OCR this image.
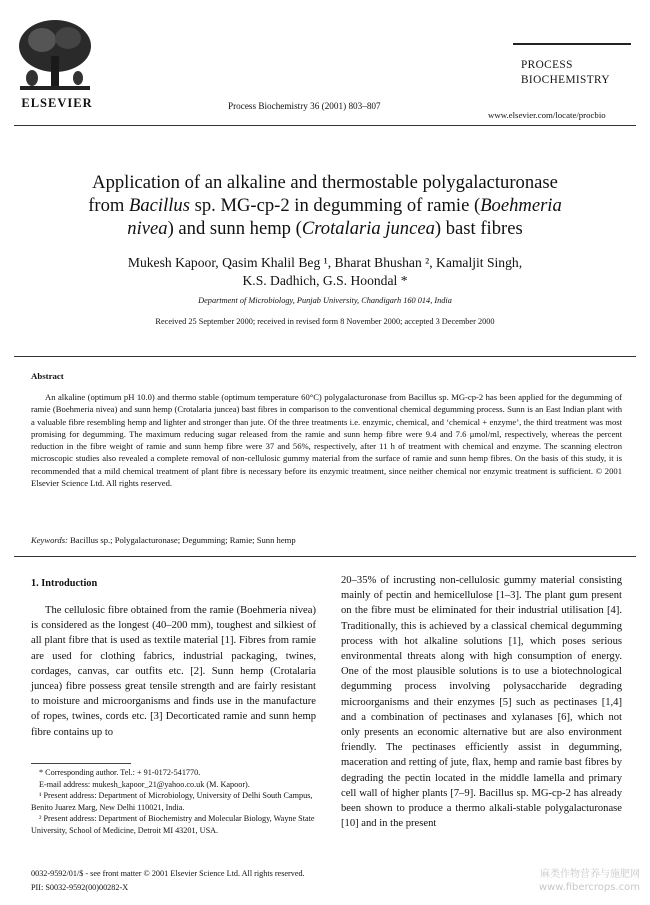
ELSEVIER	Process Biochemistry 36 (2001) 803–807
PROCESS
BIOCHEMISTRY
www.elsevier.com/locate/procbio
Application of an alkaline and thermostable polygalacturonase
from Bacillus sp. MG-cp-2 in degumming of ramie (Boehmeria
nivea) and sunn hemp (Crotalaria juncea) bast fibres
Mukesh Kapoor, Qasim Khalil Beg ¹, Bharat Bhushan ², Kamaljit Singh,
K.S. Dadhich, G.S. Hoondal *
Department of Microbiology, Punjab University, Chandigarh 160 014, India
Received 25 September 2000; received in revised form 8 November 2000; accepted 3 December 2000
Abstract
An alkaline (optimum pH 10.0) and thermo stable (optimum temperature 60°C) polygalacturonase from Bacillus sp. MG-cp-2 has been applied for the degumming of ramie (Boehmeria nivea) and sunn hemp (Crotalaria juncea) bast fibres in comparison to the conventional chemical degumming process. Sunn is an East Indian plant with a valuable fibre resembling hemp and lighter and stronger than jute. Of the three treatments i.e. enzymic, chemical, and ‘chemical + enzyme’, the third treatment was most promising for degumming. The maximum reducing sugar released from the ramie and sunn hemp fibre were 9.4 and 7.6 μmol/ml, respectively, whereas the percent reduction in the fibre weight of ramie and sunn hemp fibre were 37 and 56%, respectively, after 11 h of treatment with chemical and enzyme. The scanning electron microscopic studies also revealed a complete removal of non-cellulosic gummy material from the surface of ramie and sunn hemp fibres. On the basis of this study, it is recommended that a mild chemical treatment of plant fibre is necessary before its enzymic treatment, since neither chemical nor enzymic treatment is sufficient. © 2001 Elsevier Science Ltd. All rights reserved.
Keywords: Bacillus sp.; Polygalacturonase; Degumming; Ramie; Sunn hemp
1. Introduction
The cellulosic fibre obtained from the ramie (Boehmeria nivea) is considered as the longest (40–200 mm), toughest and silkiest of all plant fibre that is used as textile material [1]. Fibres from ramie are used for clothing fabrics, industrial packaging, twines, cordages, canvas, car outfits etc. [2]. Sunn hemp (Crotalaria juncea) fibre possess great tensile strength and are fairly resistant to moisture and microorganisms and finds use in the manufacture of ropes, twines, cords etc. [3] Decorticated ramie and sunn hemp fibre contains up to
20–35% of incrusting non-cellulosic gummy material consisting mainly of pectin and hemicellulose [1–3]. The plant gum present on the fibre must be eliminated for their industrial utilisation [4]. Traditionally, this is achieved by a classical chemical degumming process with hot alkaline solutions [1], which poses serious environmental threats along with high consumption of energy. One of the most plausible solutions is to use a biotechnological degumming process involving polysaccharide degrading microorganisms and their enzymes [5] such as pectinases [1,4] and a combination of pectinases and xylanases [6], which not only presents an economic alternative but are also environment friendly. The pectinases efficiently assist in degumming, maceration and retting of jute, flax, hemp and ramie bast fibres by degrading the pectin located in the middle lamella and primary cell wall of higher plants [7–9]. Bacillus sp. MG-cp-2 has already been shown to produce a thermo alkali-stable polygalacturonase [10] and in the present
* Corresponding author. Tel.: + 91-0172-541770.
E-mail address: mukesh_kapoor_21@yahoo.co.uk (M. Kapoor).
¹ Present address: Department of Microbiology, University of Delhi South Campus, Benito Juarez Marg, New Delhi 110021, India.
² Present address: Department of Biochemistry and Molecular Biology, Wayne State University, School of Medicine, Detroit MI 43201, USA.
0032-9592/01/$ - see front matter © 2001 Elsevier Science Ltd. All rights reserved.
PII: S0032-9592(00)00282-X
麻类作物营养与施肥网
www.fibercrops.com
